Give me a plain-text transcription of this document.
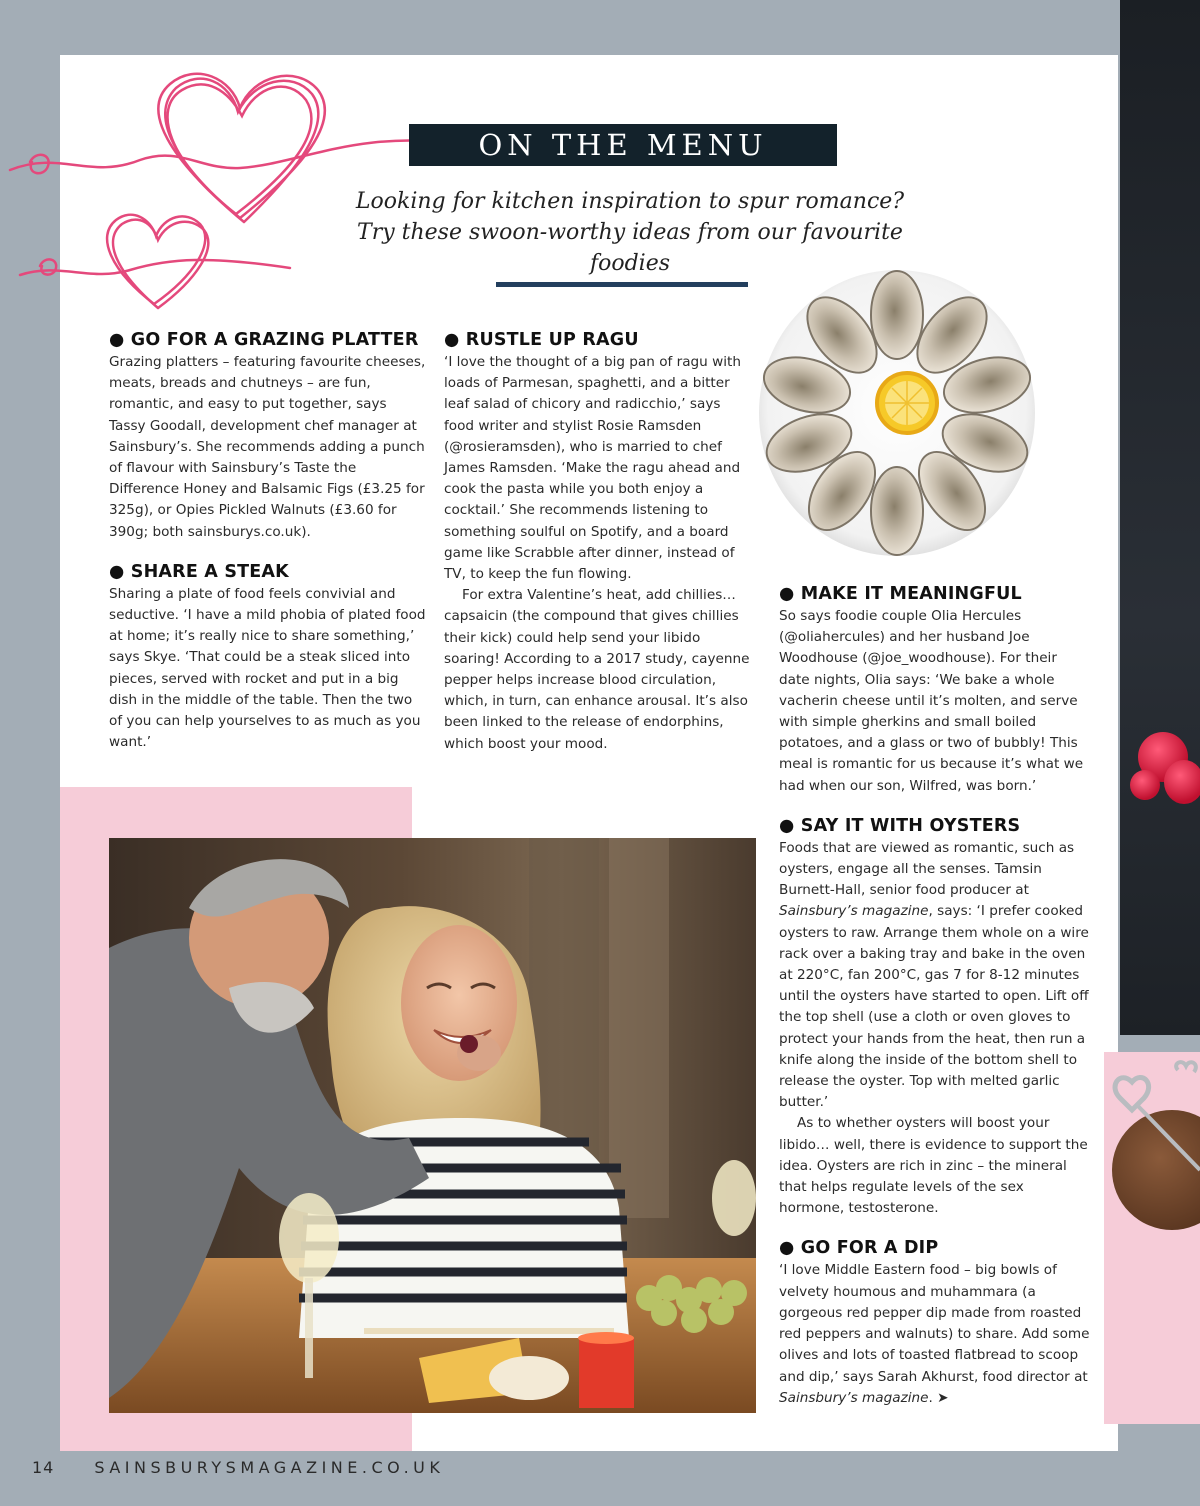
ON THE MENU
Looking for kitchen inspiration to spur romance?
Try these swoon-worthy ideas from our favourite foodies
● GO FOR A GRAZING PLATTER

Grazing platters – featuring favourite cheeses, meats, breads and chutneys – are fun, romantic, and easy to put together, says Tassy Goodall, development chef manager at Sainsbury’s. She recommends adding a punch of flavour with Sainsbury’s Taste the Difference Honey and Balsamic Figs (£3.25 for 325g), or Opies Pickled Walnuts (£3.60 for 390g; both sainsburys.co.uk).

● SHARE A STEAK

Sharing a plate of food feels convivial and seductive. ‘I have a mild phobia of plated food at home; it’s really nice to share something,’ says Skye. ‘That could be a steak sliced into pieces, served with rocket and put in a big dish in the middle of the table. Then the two of you can help yourselves to as much as you want.’

● RUSTLE UP RAGU

‘I love the thought of a big pan of ragu with loads of Parmesan, spaghetti, and a bitter leaf salad of chicory and radicchio,’ says food writer and stylist Rosie Ramsden (@rosieramsden), who is married to chef James Ramsden. ‘Make the ragu ahead and cook the pasta while you both enjoy a cocktail.’ She recommends listening to something soulful on Spotify, and a board game like Scrabble after dinner, instead of TV, to keep the fun flowing.

For extra Valentine’s heat, add chillies… capsaicin (the compound that gives chillies their kick) could help send your libido soaring! According to a 2017 study, cayenne pepper helps increase blood circulation, which, in turn, can enhance arousal. It’s also been linked to the release of endorphins, which boost your mood.

● MAKE IT MEANINGFUL

So says foodie couple Olia Hercules (@oliahercules) and her husband Joe Woodhouse (@joe_woodhouse). For their date nights, Olia says: ‘We bake a whole vacherin cheese until it’s molten, and serve with simple gherkins and small boiled potatoes, and a glass or two of bubbly! This meal is romantic for us because it’s what we had when our son, Wilfred, was born.’

● SAY IT WITH OYSTERS

Foods that are viewed as romantic, such as oysters, engage all the senses. Tamsin Burnett-Hall, senior food producer at Sainsbury’s magazine, says: ‘I prefer cooked oysters to raw. Arrange them whole on a wire rack over a baking tray and bake in the oven at 220°C, fan 200°C, gas 7 for 8-12 minutes until the oysters have started to open. Lift off the top shell (use a cloth or oven gloves to protect your hands from the heat, then run a knife along the inside of the bottom shell to release the oyster. Top with melted garlic butter.’

As to whether oysters will boost your libido… well, there is evidence to support the idea. Oysters are rich in zinc – the mineral that helps regulate levels of the sex hormone, testosterone.

● GO FOR A DIP

‘I love Middle Eastern food – big bowls of velvety houmous and muhammara (a gorgeous red pepper dip made from roasted red peppers and walnuts) to share. Add some olives and lots of toasted flatbread to scoop and dip,’ says Sarah Akhurst, food director at Sainsbury’s magazine. ➤

14	SAINSBURYSMAGAZINE.CO.UK
